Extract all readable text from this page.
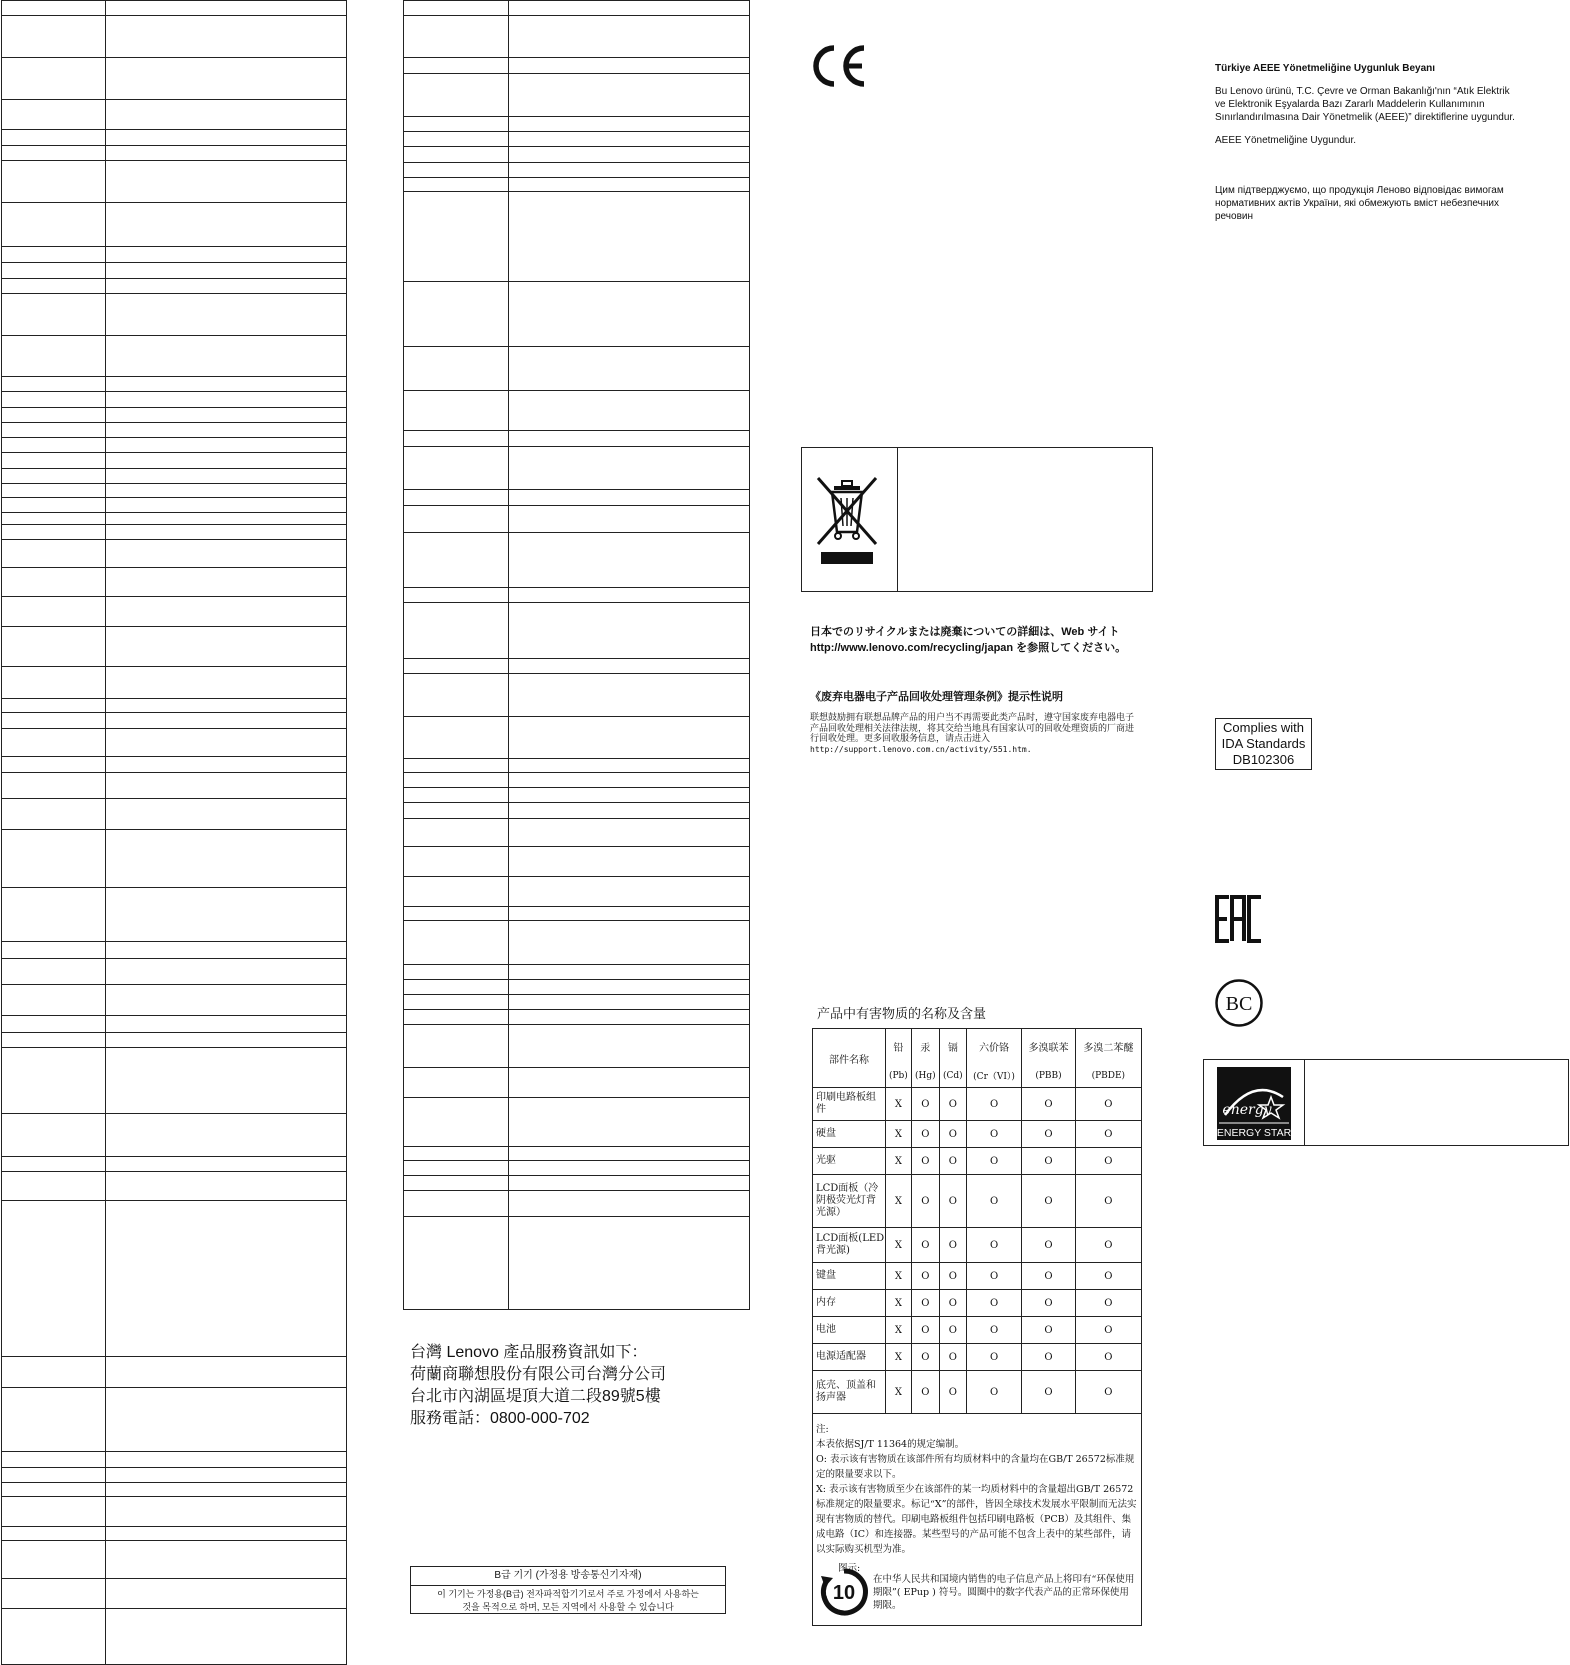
台灣 Lenovo 產品服務資訊如下：
荷蘭商聯想股份有限公司台灣分公司
台北市內湖區堤頂大道二段89號5樓
服務電話：0800-000-702
B급 기기 (가정용 방송통신기자재)
이 기기는 가정용(B급) 전자파적합기기로서 주로 가정에서 사용하는
것을 목적으로 하며, 모든 지역에서 사용할 수 있습니다
日本でのリサイクルまたは廃棄についての詳細は、Web サイト
http://www.lenovo.com/recycling/japan を参照してください。
《废弃电器电子产品回收处理管理条例》提示性说明
联想鼓励拥有联想品牌产品的用户当不再需要此类产品时，遵守国家废弃电器电子产品回收处理相关法律法规，将其交给当地具有国家认可的回收处理资质的厂商进行回收处理。更多回收服务信息，请点击进入
http://support.lenovo.com.cn/activity/551.htm.
产品中有害物质的名称及含量
部件名称	铅	汞	镉	六价铬	多溴联苯	多溴二苯醚
	(Pb)	(Hg)	(Cd)	(Cr（VI）)	(PBB)	(PBDE)
印刷电路板组件	X	O	O	O	O	O
硬盘	X	O	O	O	O	O
光驱	X	O	O	O	O	O
LCD面板（冷阴极荧光灯背光源）	X	O	O	O	O	O
LCD面板(LED背光源)	X	O	O	O	O	O
键盘	X	O	O	O	O	O
内存	X	O	O	O	O	O
电池	X	O	O	O	O	O
电源适配器	X	O	O	O	O	O
底壳、顶盖和扬声器	X	O	O	O	O	O
注:
本表依据SJ/T 11364的规定编制。
O: 表示该有害物质在该部件所有均质材料中的含量均在GB/T 26572标准规定的限量要求以下。
X: 表示该有害物质至少在该部件的某一均质材料中的含量超出GB/T 26572标准规定的限量要求。标记“X”的部件，皆因全球技术发展水平限制而无法实现有害物质的替代。印刷电路板组件包括印刷电路板（PCB）及其组件、集成电路（IC）和连接器。某些型号的产品可能不包含上表中的某些部件，请以实际购买机型为准。
图示:
10
在中华人民共和国境内销售的电子信息产品上将印有“环保使用期限”( EPup ) 符号。圆圈中的数字代表产品的正常环保使用期限。
Türkiye AEEE Yönetmeliğine Uygunluk Beyanı
Bu Lenovo ürünü, T.C. Çevre ve Orman Bakanlığı'nın “Atık Elektrik
ve Elektronik Eşyalarda Bazı Zararlı Maddelerin Kullanımının
Sınırlandırılmasına Dair Yönetmelik (AEEE)” direktiflerine uygundur.
AEEE Yönetmeliğine Uygundur.
Цим підтверджуємо, що продукція Леново відповідає вимогам
нормативних актів України, які обмежують вміст небезпечних
речовин
Complies with
IDA Standards
DB102306
BC
energy
ENERGY STAR
